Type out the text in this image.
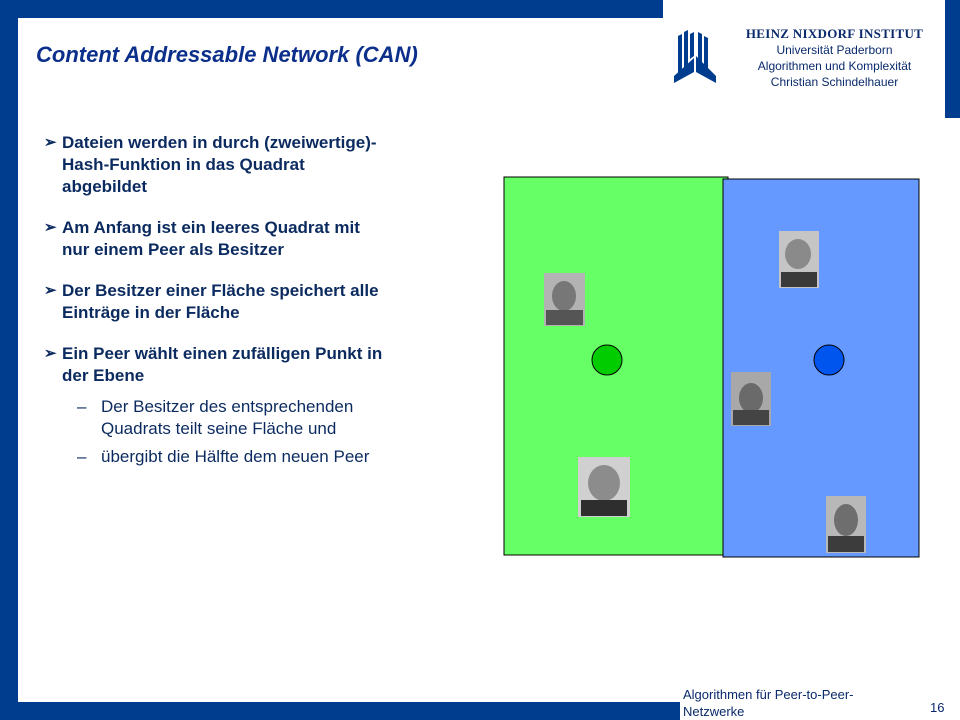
Content Addressable Network (CAN)
HEINZ NIXDORF INSTITUT
Universität Paderborn
Algorithmen und Komplexität
Christian Schindelhauer
➢ Dateien werden in durch (zweiwertige)-
Hash-Funktion in das Quadrat
abgebildet
➢ Am Anfang ist ein leeres Quadrat mit
nur einem Peer als Besitzer
➢ Der Besitzer einer Fläche speichert alle
Einträge in der Fläche
➢ Ein Peer wählt einen zufälligen Punkt in
der Ebene
– Der Besitzer des entsprechenden
Quadrats teilt seine Fläche und
– übergibt die Hälfte dem neuen Peer
Algorithmen für Peer-to-Peer-
Netzwerke	16
